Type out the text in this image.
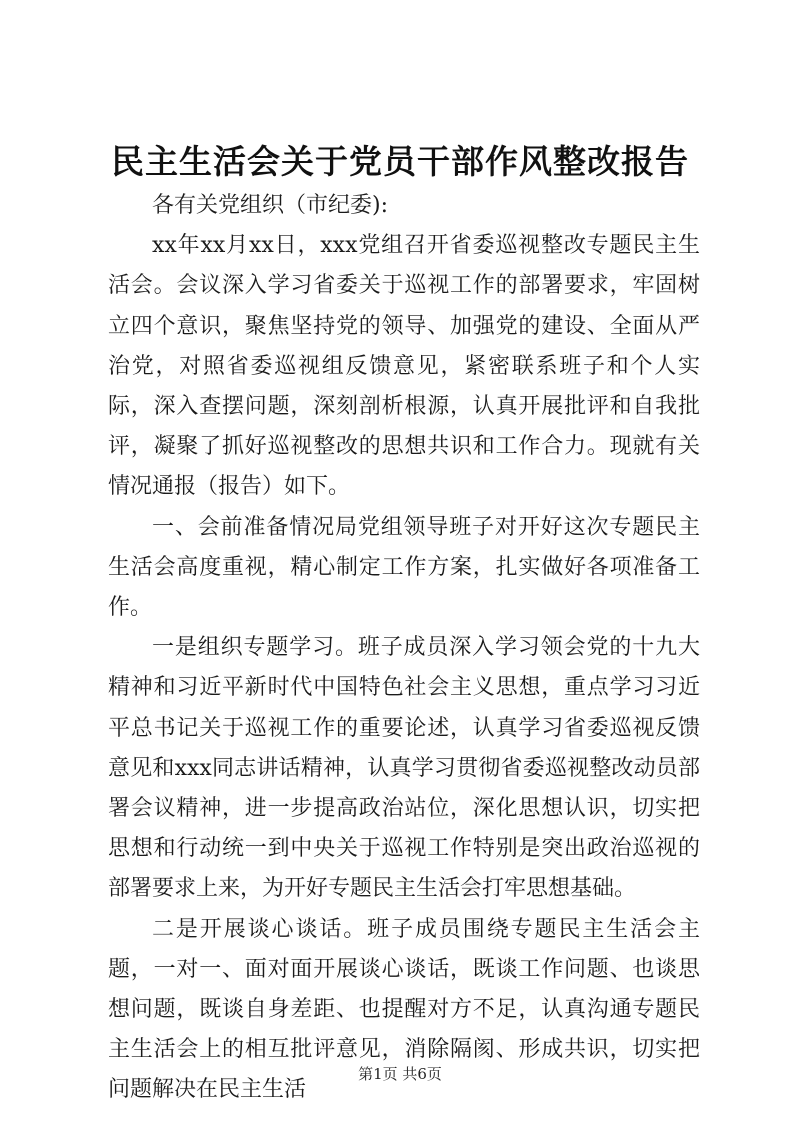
民主生活会关于党员干部作风整改报告

各有关党组织（市纪委):

xx年xx月xx日，xxx党组召开省委巡视整改专题民主生活会。会议深入学习省委关于巡视工作的部署要求，牢固树立四个意识，聚焦坚持党的领导、加强党的建设、全面从严治党，对照省委巡视组反馈意见，紧密联系班子和个人实际，深入查摆问题，深刻剖析根源，认真开展批评和自我批评，凝聚了抓好巡视整改的思想共识和工作合力。现就有关情况通报（报告）如下。

一、会前准备情况局党组领导班子对开好这次专题民主生活会高度重视，精心制定工作方案，扎实做好各项准备工作。

一是组织专题学习。班子成员深入学习领会党的十九大精神和习近平新时代中国特色社会主义思想，重点学习习近平总书记关于巡视工作的重要论述，认真学习省委巡视反馈意见和xxx同志讲话精神，认真学习贯彻省委巡视整改动员部署会议精神，进一步提高政治站位，深化思想认识，切实把思想和行动统一到中央关于巡视工作特别是突出政治巡视的部署要求上来，为开好专题民主生活会打牢思想基础。

二是开展谈心谈话。班子成员围绕专题民主生活会主题，一对一、面对面开展谈心谈话，既谈工作问题、也谈思想问题，既谈自身差距、也提醒对方不足，认真沟通专题民主生活会上的相互批评意见，消除隔阂、形成共识，切实把问题解决在民主生活

第1页 共6页
